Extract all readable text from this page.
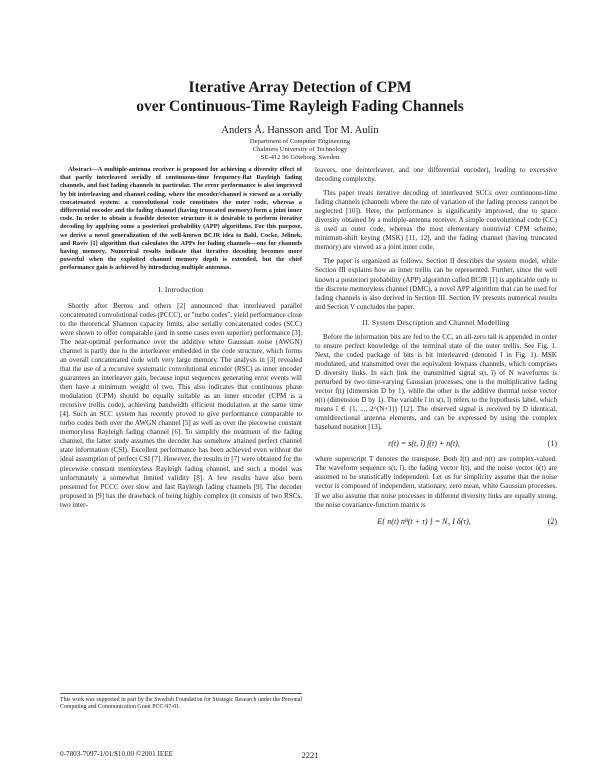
Iterative Array Detection of CPM
over Continuous-Time Rayleigh Fading Channels
Anders Å. Hansson and Tor M. Aulin
Department of Computer Engineering
Chalmers University of Technology
SE-412 96 Göteborg, Sweden

Abstract—A multiple-antenna receiver is proposed for achieving a diversity effect of that partly interleaved serially of continuous-time frequency-flat Rayleigh fading channels, and fast fading channels in particular. The error performance is also improved by bit interleaving and channel coding, where the encoder/channel is viewed as a serially concatenated system: a convolutional code constitutes the outer code, whereas a differential encoder and the fading channel (having truncated memory) form a joint inner code. In order to obtain a feasible detector structure it is desirable to perform iterative decoding by applying some a posteriori probability (APP) algorithms. For this purpose, we derive a novel generalization of the well-known BCJR idea to Bahl, Cocke, Jelinek, and Raviv [1] algorithm that calculates the APPs for fading channels—one for channels having memory. Numerical results indicate that iterative decoding becomes more powerful when the exploited channel memory depth is extended, but the chief performance gain is achieved by introducing multiple antennas.

I. Introduction

Shortly after Berrou and others [2] announced that interleaved parallel concatenated convolutional codes (PCCC), or "turbo codes", yield performance close to the theoretical Shannon capacity limits, also serially concatenated codes (SCC) were shown to offer comparable (and in some cases even superior) performance [3]. The near-optimal performance over the additive white Gaussian noise (AWGN) channel is partly due to the interleaver embedded in the code structure, which forms an overall concatenated code with very large memory. The analysis in [3] revealed that the use of a recursive systematic convolutional encoder (RSC) as inner encoder guarantees an interleaver gain, because input sequences generating error events will then have a minimum weight of two. This also indicates that continuous phase modulation (CPM) should be equally suitable as an inner encoder (CPM is a recursive trellis code), achieving bandwidth efficient modulation at the same time [4]. Such an SCC system has recently proved to give performance comparable to turbo codes both over the AWGN channel [5] as well as over the piecewise constant memoryless Rayleigh fading channel [6]. To simplify the treatment of the fading channel, the latter study assumes the decoder has somehow attained perfect channel state information (CSI). Excellent performance has been achieved even without the ideal assumption of perfect CSI [7]. However, the results in [7] were obtained for the piecewise constant memoryless Rayleigh fading channel, and such a model was unfortunately a somewhat limited validity [8]. A few results have also been presented for PCCC over slow and fast Rayleigh fading channels [9]. The decoder proposed in [9] has the drawback of being highly complex (it consists of two RSCs, two inter-

leavers, one deinterleaver, and one differential encoder), leading to excessive decoding complexity.

This paper treats iterative decoding of interleaved SCCs over continuous-time fading channels (channels where the rate of variation of the fading process cannot be neglected [10]). Here, the performance is significantly improved, due to space diversity obtained by a multiple-antenna receiver. A simple convolutional code (CC) is used as outer code, whereas the most elementary nontrivial CPM scheme, minimum-shift keying (MSK) [11, 12], and the fading channel (having truncated memory) are viewed as a joint inner code.

The paper is organized as follows. Section II describes the system model, while Section III explains how an inner trellis can be represented. Further, since the well known a posteriori probability (APP) algorithm called BCJR [1] is applicable only to the discrete memoryless channel (DMC), a novel APP algorithm that can be used for fading channels is also derived in Section III. Section IV presents numerical results and Section V concludes the paper.

II. System Description and Channel Modelling

Before the information bits are fed to the CC, an all-zero tail is appended in order to ensure perfect knowledge of the terminal state of the outer trellis. See Fig. 1. Next, the coded package of bits is bit interleaved (denoted I in Fig. 1). MSK modulated, and transmitted over the equivalent lowpass channels, which comprises D diversity links. In each link the transmitted signal s(t, ī) of N waveforms is perturbed by two time-varying Gaussian processes, one is the multiplicative fading vector f(t) (dimension D by 1), while the other is the additive thermal noise vector n(t) (dimension D by 1). The variable ī in s(t, ī) refers to the hypothesis label, which means ī ∈ {1, ..., 2^(N+1)} [12]. The observed signal is received by D identical, omnidirectional antenna elements, and can be expressed by using the complex baseband notation [13],

r(t) = s(t, ī) f(t) + n(t),	(1)

where superscript T denotes the transpose. Both f(t) and n(t) are complex-valued. The waveform sequence s(t, ī), the fading vector f(t), and the noise vector n(t) are assumed to be statistically independent. Let us for simplicity assume that the noise vector is composed of independent, stationary, zero mean, white Gaussian processes. If we also assume that noise processes in different diversity links are equally strong, the noise covariance-function matrix is

E{ n(t) nᴴ(t + τ) } = N₀ I δ(τ),	(2)
This work was supported in part by the Swedish Foundation for Strategic Research under the Personal Computing and Communication Grant PCC-97-01.
0-7803-7097-1/01/$10.00 ©2001 IEEE	2221
